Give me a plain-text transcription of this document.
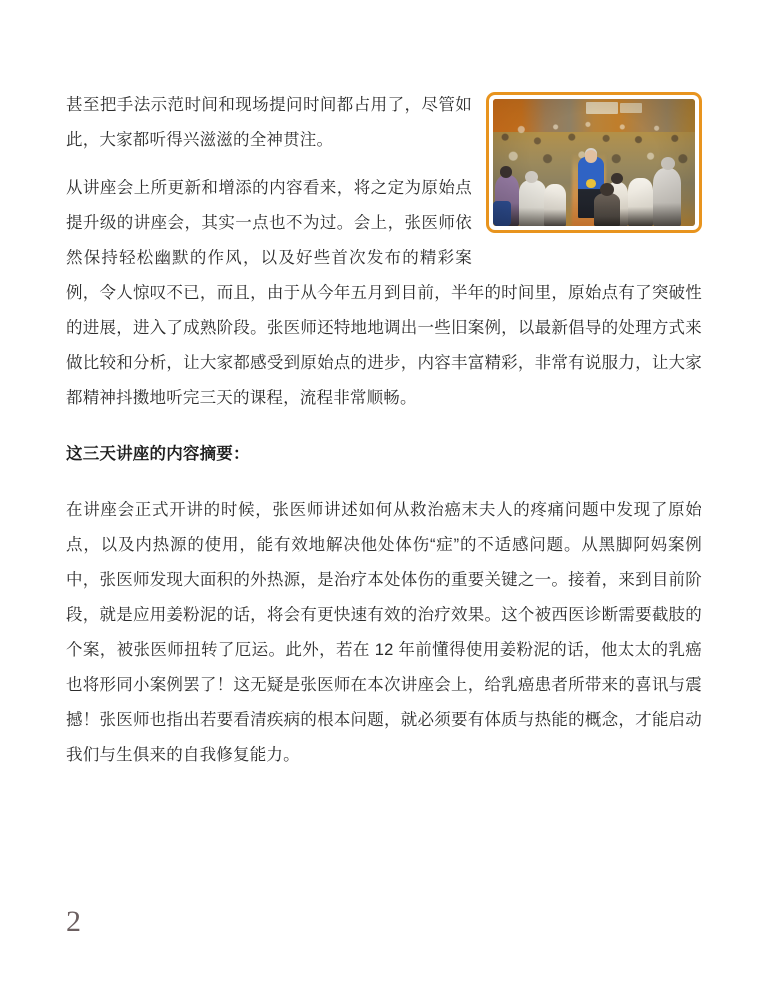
甚至把手法示范时间和现场提问时间都占用了，尽管如此，大家都听得兴滋滋的全神贯注。

从讲座会上所更新和增添的内容看来，将之定为原始点提升级的讲座会，其实一点也不为过。会上，张医师依然保持轻松幽默的作风，以及好些首次发布的精彩案例，令人惊叹不已，而且，由于从今年五月到目前，半年的时间里，原始点有了突破性的进展，进入了成熟阶段。张医师还特地地调出一些旧案例，以最新倡导的处理方式来做比较和分析，让大家都感受到原始点的进步，内容丰富精彩，非常有说服力，让大家都精神抖擞地听完三天的课程，流程非常顺畅。

这三天讲座的内容摘要：

在讲座会正式开讲的时候，张医师讲述如何从救治癌末夫人的疼痛问题中发现了原始点，以及内热源的使用，能有效地解决他处体伤“症”的不适感问题。从黑脚阿妈案例中，张医师发现大面积的外热源，是治疗本处体伤的重要关键之一。接着，来到目前阶段，就是应用姜粉泥的话，将会有更快速有效的治疗效果。这个被西医诊断需要截肢的个案，被张医师扭转了厄运。此外，若在 12 年前懂得使用姜粉泥的话，他太太的乳癌也将形同小案例罢了！这无疑是张医师在本次讲座会上，给乳癌患者所带来的喜讯与震撼！张医师也指出若要看清疾病的根本问题，就必须要有体质与热能的概念，才能启动我们与生俱来的自我修复能力。

2
